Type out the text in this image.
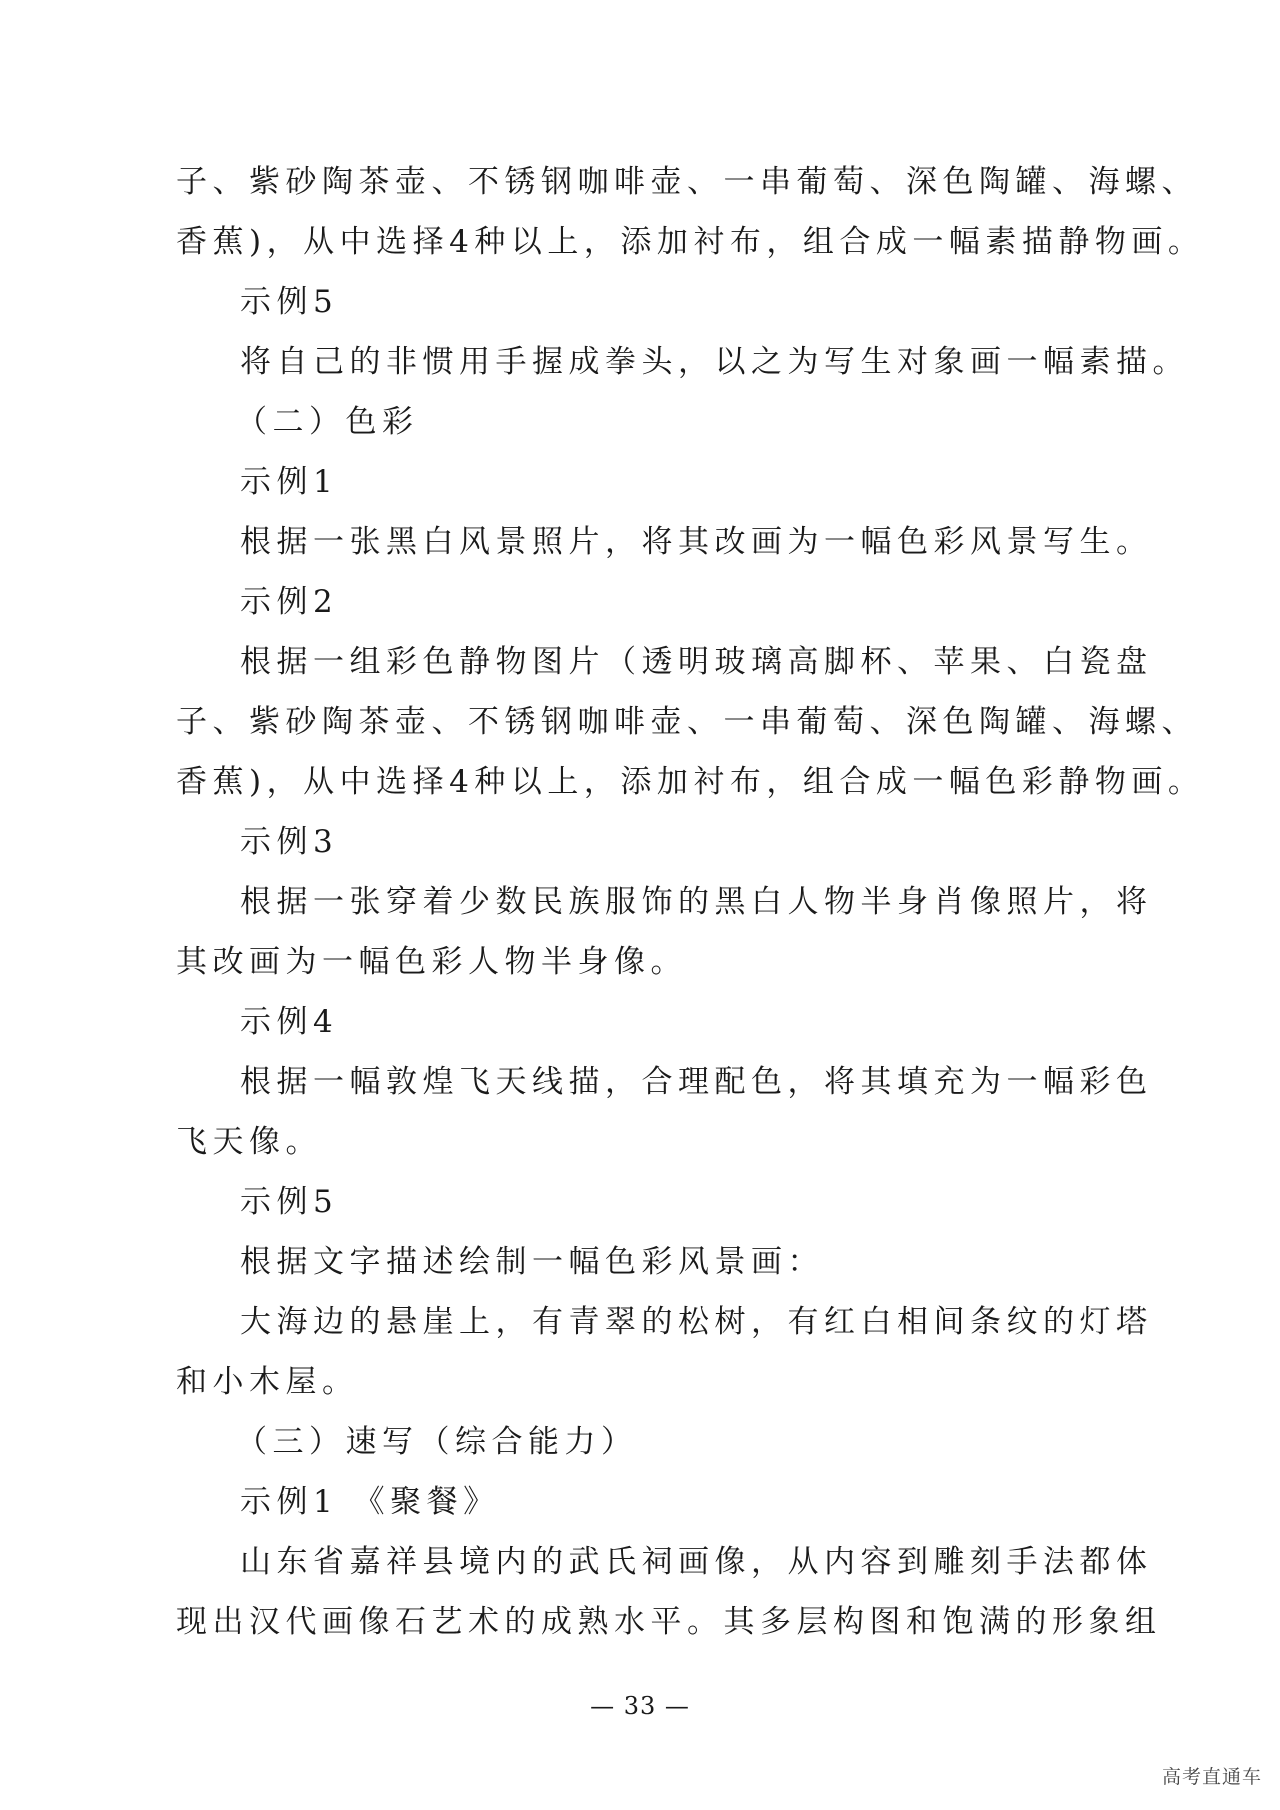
子、紫砂陶茶壶、不锈钢咖啡壶、一串葡萄、深色陶罐、海螺、
香蕉)，从中选择4种以上，添加衬布，组合成一幅素描静物画。
示例5
将自己的非惯用手握成拳头，以之为写生对象画一幅素描。
（二）色彩
示例1
根据一张黑白风景照片，将其改画为一幅色彩风景写生。
示例2
根据一组彩色静物图片（透明玻璃高脚杯、苹果、白瓷盘
子、紫砂陶茶壶、不锈钢咖啡壶、一串葡萄、深色陶罐、海螺、
香蕉)，从中选择4种以上，添加衬布，组合成一幅色彩静物画。
示例3
根据一张穿着少数民族服饰的黑白人物半身肖像照片，将
其改画为一幅色彩人物半身像。
示例4
根据一幅敦煌飞天线描，合理配色，将其填充为一幅彩色
飞天像。
示例5
根据文字描述绘制一幅色彩风景画：
大海边的悬崖上，有青翠的松树，有红白相间条纹的灯塔
和小木屋。
（三）速写（综合能力）
示例1 《聚餐》
山东省嘉祥县境内的武氏祠画像，从内容到雕刻手法都体
现出汉代画像石艺术的成熟水平。其多层构图和饱满的形象组
— 33 —
高考直通车
